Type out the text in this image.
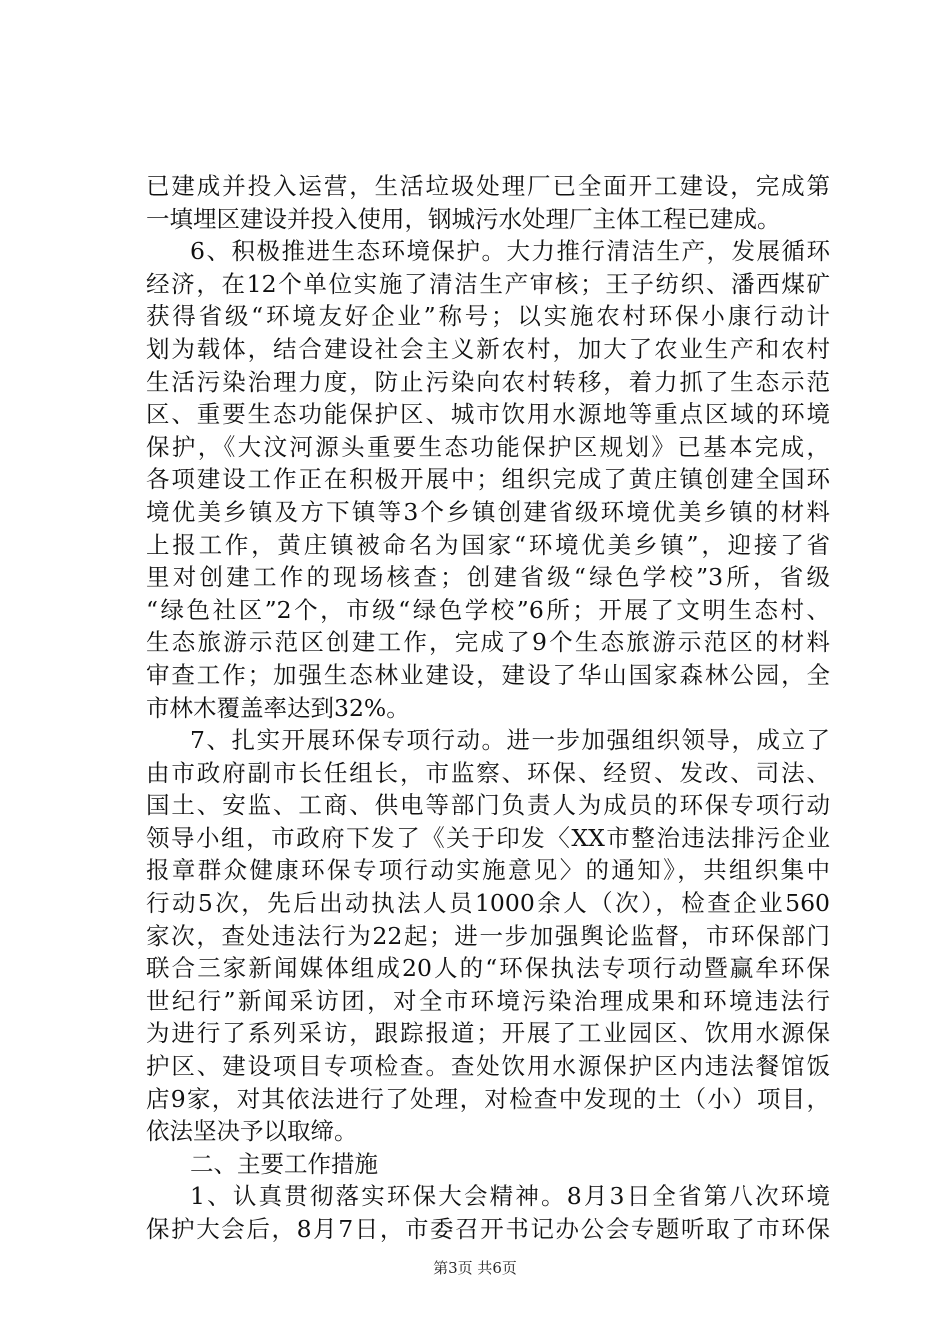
已建成并投入运营，生活垃圾处理厂已全面开工建设，完成第
一填埋区建设并投入使用，钢城污水处理厂主体工程已建成。
6、积极推进生态环境保护。大力推行清洁生产，发展循环
经济，在12个单位实施了清洁生产审核；王子纺织、潘西煤矿
获得省级“环境友好企业”称号；以实施农村环保小康行动计
划为载体，结合建设社会主义新农村，加大了农业生产和农村
生活污染治理力度，防止污染向农村转移，着力抓了生态示范
区、重要生态功能保护区、城市饮用水源地等重点区域的环境
保护，《大汶河源头重要生态功能保护区规划》已基本完成，
各项建设工作正在积极开展中；组织完成了黄庄镇创建全国环
境优美乡镇及方下镇等3个乡镇创建省级环境优美乡镇的材料
上报工作，黄庄镇被命名为国家“环境优美乡镇”，迎接了省
里对创建工作的现场核查；创建省级“绿色学校”3所，省级
“绿色社区”2个，市级“绿色学校”6所；开展了文明生态村、
生态旅游示范区创建工作，完成了9个生态旅游示范区的材料
审查工作；加强生态林业建设，建设了华山国家森林公园，全
市林木覆盖率达到32%。
7、扎实开展环保专项行动。进一步加强组织领导，成立了
由市政府副市长任组长，市监察、环保、经贸、发改、司法、
国土、安监、工商、供电等部门负责人为成员的环保专项行动
领导小组，市政府下发了《关于印发〈XX市整治违法排污企业
报章群众健康环保专项行动实施意见〉的通知》，共组织集中
行动5次，先后出动执法人员1000余人（次），检查企业560
家次，查处违法行为22起；进一步加强舆论监督，市环保部门
联合三家新闻媒体组成20人的“环保执法专项行动暨赢牟环保
世纪行”新闻采访团，对全市环境污染治理成果和环境违法行
为进行了系列采访，跟踪报道；开展了工业园区、饮用水源保
护区、建设项目专项检查。查处饮用水源保护区内违法餐馆饭
店9家，对其依法进行了处理，对检查中发现的土（小）项目，
依法坚决予以取缔。
二、主要工作措施
1、认真贯彻落实环保大会精神。8月3日全省第八次环境
保护大会后，8月7日，市委召开书记办公会专题听取了市环保
第3页 共6页
